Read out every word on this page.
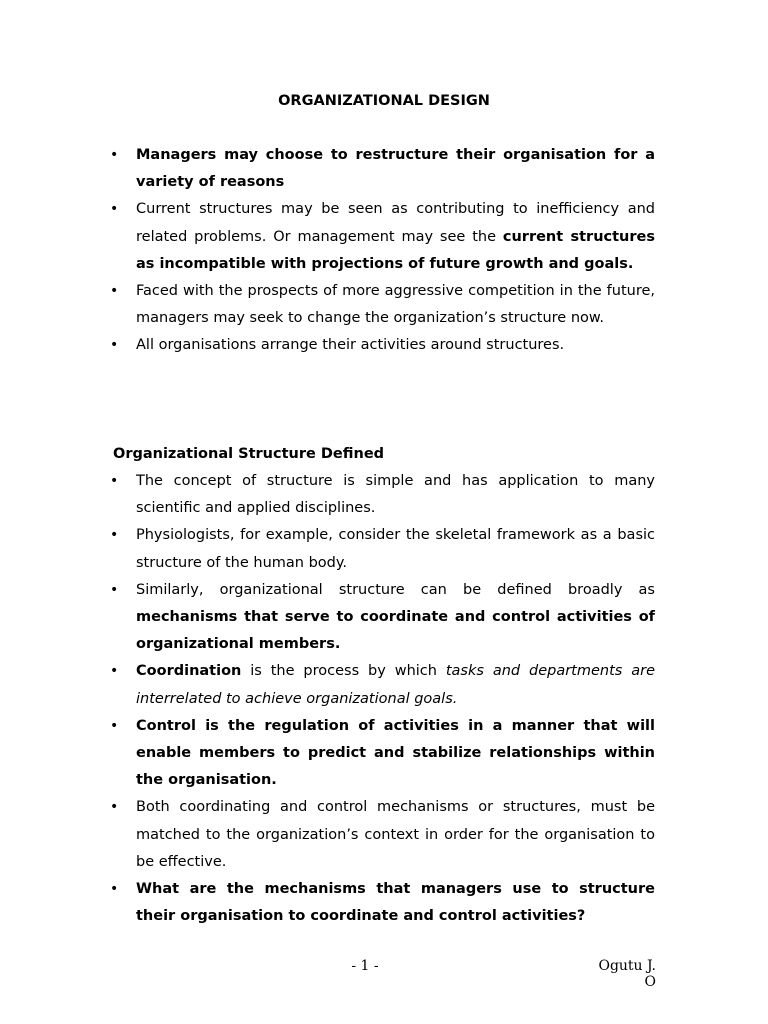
ORGANIZATIONAL DESIGN
• Managers may choose to restructure their organisation for a variety of reasons
• Current structures may be seen as contributing to inefficiency and related problems. Or management may see the current structures as incompatible with projections of future growth and goals.
• Faced with the prospects of more aggressive competition in the future, managers may seek to change the organization’s structure now.
• All organisations arrange their activities around structures.
Organizational Structure Defined
• The concept of structure is simple and has application to many scientific and applied disciplines.
• Physiologists, for example, consider the skeletal framework as a basic structure of the human body.
• Similarly, organizational structure can be defined broadly as mechanisms that serve to coordinate and control activities of organizational members.
• Coordination is the process by which tasks and departments are interrelated to achieve organizational goals.
• Control is the regulation of activities in a manner that will enable members to predict and stabilize relationships within the organisation.
• Both coordinating and control mechanisms or structures, must be matched to the organization’s context in order for the organisation to be effective.
• What are the mechanisms that managers use to structure their organisation to coordinate and control activities?
- 1 -	Ogutu J. O
